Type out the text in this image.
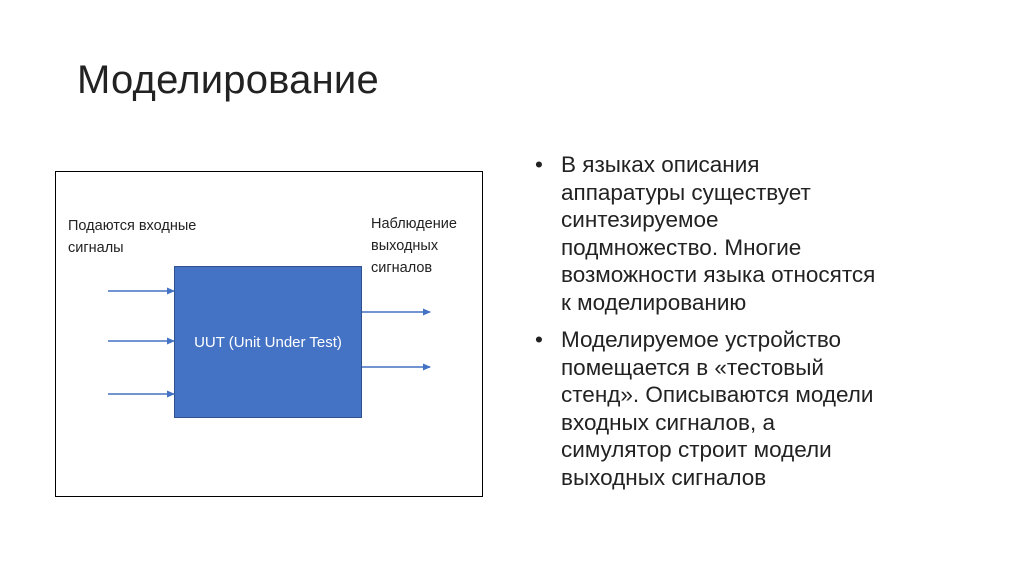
Моделирование
Подаются входные
сигналы
Наблюдение
выходных
сигналов
UUT (Unit Under Test)
• В языках описания
аппаратуры существует
синтезируемое
подмножество. Многие
возможности языка относятся
к моделированию
• Моделируемое устройство
помещается в «тестовый
стенд». Описываются модели
входных сигналов, а
симулятор строит модели
выходных сигналов
